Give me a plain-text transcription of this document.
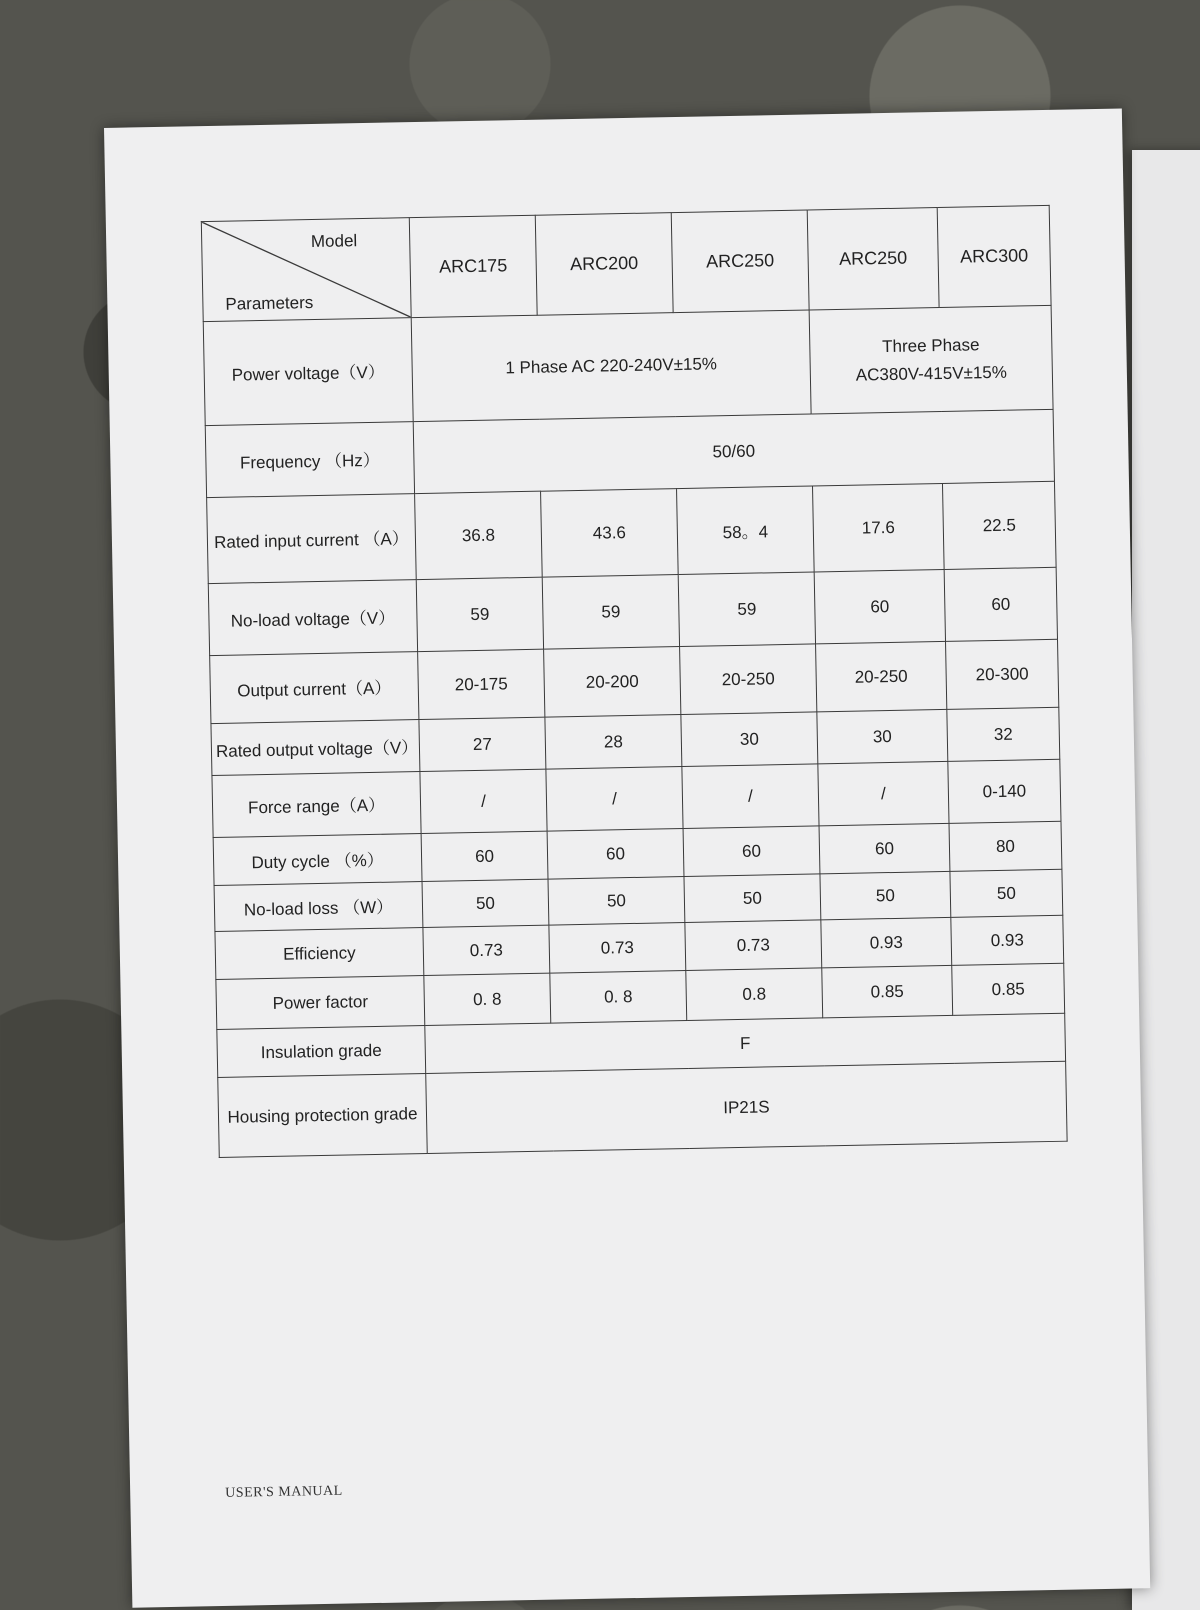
Model
Parameters	ARC175	ARC200	ARC250	ARC250	ARC300
Power voltage（V）	1 Phase AC 220-240V±15%			Three Phase
AC380V-415V±15%	

Frequency （Hz）	50/60				
Rated input current （A）	36.8	43.6	58。4	17.6	22.5
No-load voltage（V）	59	59	59	60	60
Output current（A）	20-175	20-200	20-250	20-250	20-300
Rated output voltage（V）	27	28	30	30	32
Force range（A）	/	/	/	/	0-140
Duty cycle （%）	60	60	60	60	80
No-load loss （W）	50	50	50	50	50
Efficiency	0.73	0.73	0.73	0.93	0.93
Power factor	0. 8	0. 8	0.8	0.85	0.85
Insulation grade	F				
Housing protection grade	IP21S				
USER'S MANUAL
